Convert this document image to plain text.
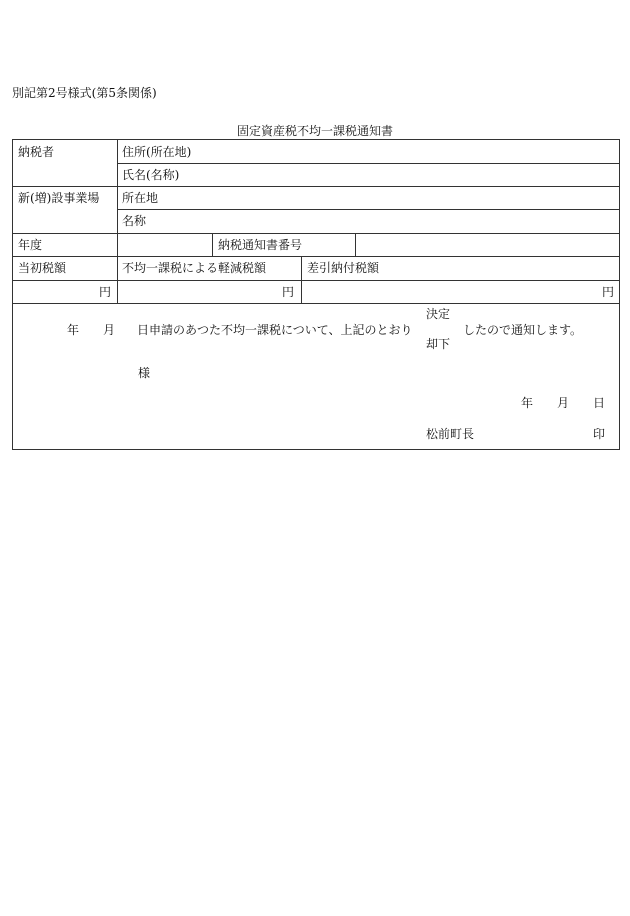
別記第2号様式(第5条関係)
固定資産税不均一課税通知書
納税者	住所(所在地)
氏名(名称)
新(増)設事業場 所在地
名称
年度	納税通知書番号
当初税額	不均一課税による軽減税額	差引納付税額
円	円	円
年 月 日申請のあつた不均一課税について、上記のとおり
決定
却下
したので通知します。
様
年 月 日
松前町長	印
